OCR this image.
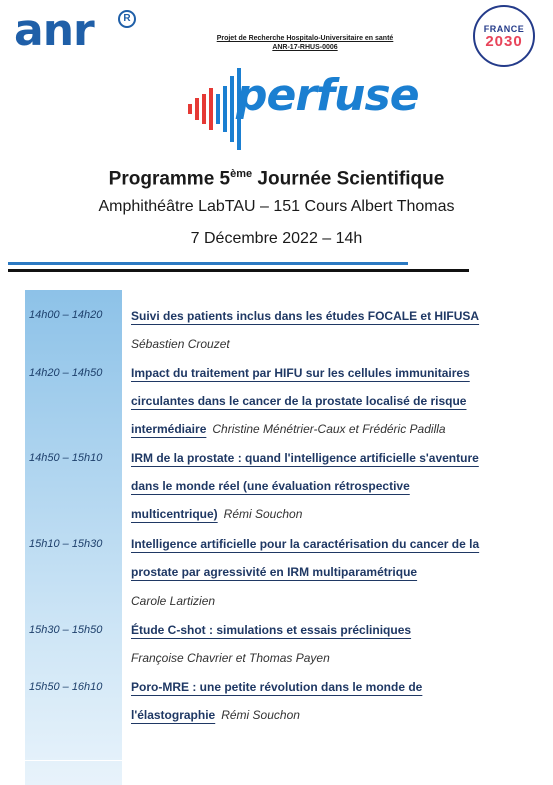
anr	R
Projet de Recherche Hospitalo-Universitaire en santé
ANR-17-RHUS-0006
FRANCE
2030
perfuse
Programme 5ème Journée Scientifique
Amphithéâtre LabTAU – 151 Cours Albert Thomas
7 Décembre 2022 – 14h
14h00 – 14h20 Suivi des patients inclus dans les études FOCALE et HIFUSA
Sébastien Crouzet
14h20 – 14h50 Impact du traitement par HIFU sur les cellules immunitaires
circulantes dans le cancer de la prostate localisé de risque
intermédiaire Christine Ménétrier-Caux et Frédéric Padilla
14h50 – 15h10 IRM de la prostate : quand l'intelligence artificielle s'aventure
dans le monde réel (une évaluation rétrospective
multicentrique) Rémi Souchon
15h10 – 15h30 Intelligence artificielle pour la caractérisation du cancer de la
prostate par agressivité en IRM multiparamétrique
Carole Lartizien
15h30 – 15h50 Étude C-shot : simulations et essais précliniques
Françoise Chavrier et Thomas Payen
15h50 – 16h10 Poro-MRE : une petite révolution dans le monde de
l'élastographie Rémi Souchon
